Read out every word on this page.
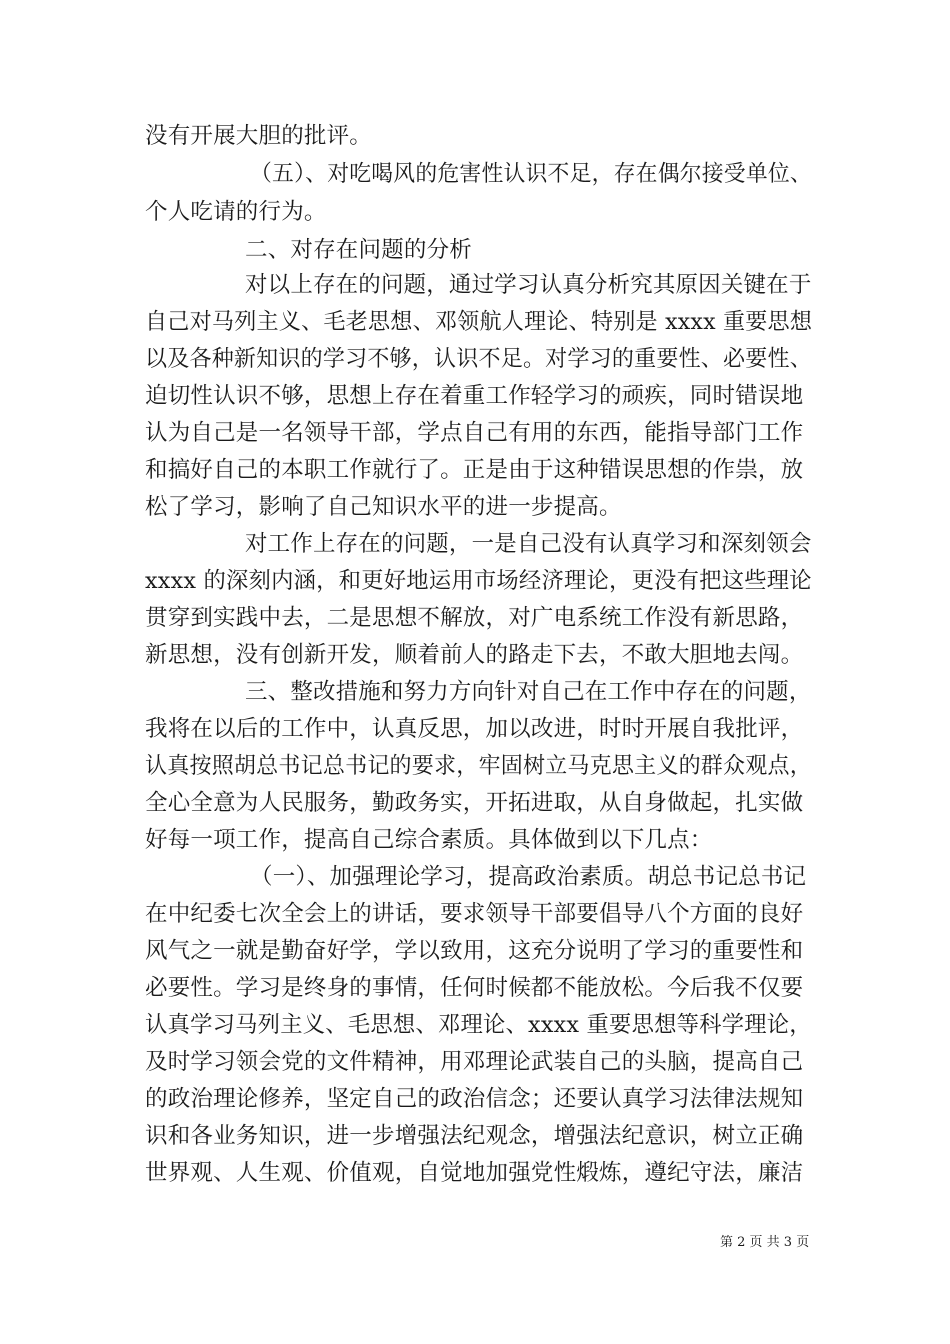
没有开展大胆的批评。
（五）、对吃喝风的危害性认识不足，存在偶尔接受单位、
个人吃请的行为。
二、对存在问题的分析
对以上存在的问题，通过学习认真分析究其原因关键在于
自己对马列主义、毛老思想、邓领航人理论、特别是 xxxx 重要思想
以及各种新知识的学习不够，认识不足。对学习的重要性、必要性、
迫切性认识不够，思想上存在着重工作轻学习的顽疾，同时错误地
认为自己是一名领导干部，学点自己有用的东西，能指导部门工作
和搞好自己的本职工作就行了。正是由于这种错误思想的作祟，放
松了学习，影响了自己知识水平的进一步提高。
对工作上存在的问题，一是自己没有认真学习和深刻领会
xxxx 的深刻内涵，和更好地运用市场经济理论，更没有把这些理论
贯穿到实践中去，二是思想不解放，对广电系统工作没有新思路，
新思想，没有创新开发，顺着前人的路走下去，不敢大胆地去闯。
三、整改措施和努力方向针对自己在工作中存在的问题，
我将在以后的工作中，认真反思，加以改进，时时开展自我批评，
认真按照胡总书记总书记的要求，牢固树立马克思主义的群众观点，
全心全意为人民服务，勤政务实，开拓进取，从自身做起，扎实做
好每一项工作，提高自己综合素质。具体做到以下几点：
（一）、加强理论学习，提高政治素质。胡总书记总书记
在中纪委七次全会上的讲话，要求领导干部要倡导八个方面的良好
风气之一就是勤奋好学，学以致用，这充分说明了学习的重要性和
必要性。学习是终身的事情，任何时候都不能放松。今后我不仅要
认真学习马列主义、毛思想、邓理论、xxxx 重要思想等科学理论，
及时学习领会党的文件精神，用邓理论武装自己的头脑，提高自己
的政治理论修养，坚定自己的政治信念；还要认真学习法律法规知
识和各业务知识，进一步增强法纪观念，增强法纪意识，树立正确
世界观、人生观、价值观，自觉地加强党性煅炼，遵纪守法，廉洁
第 2 页 共 3 页
